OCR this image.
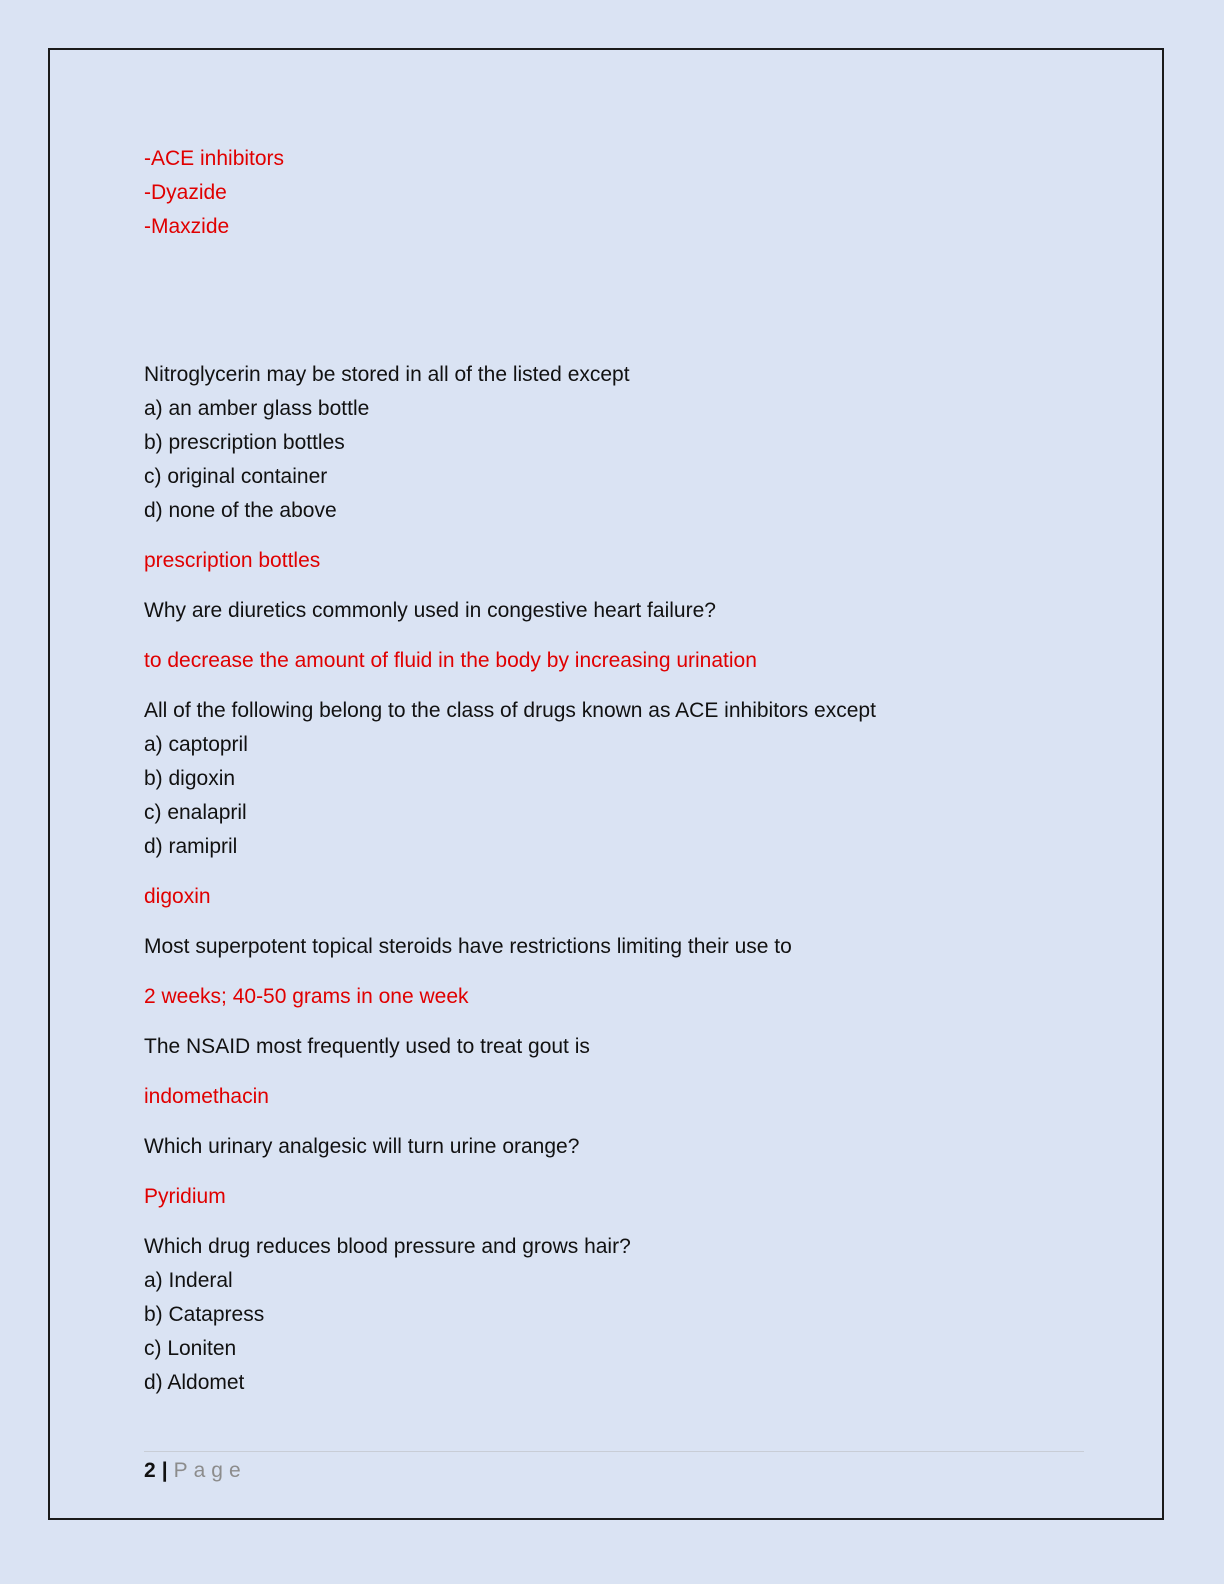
-ACE inhibitors
-Dyazide
-Maxzide
Nitroglycerin may be stored in all of the listed except
a) an amber glass bottle
b) prescription bottles
c) original container
d) none of the above
prescription bottles
Why are diuretics commonly used in congestive heart failure?
to decrease the amount of fluid in the body by increasing urination
All of the following belong to the class of drugs known as ACE inhibitors except
a) captopril
b) digoxin
c) enalapril
d) ramipril
digoxin
Most superpotent topical steroids have restrictions limiting their use to
2 weeks; 40-50 grams in one week
The NSAID most frequently used to treat gout is
indomethacin
Which urinary analgesic will turn urine orange?
Pyridium
Which drug reduces blood pressure and grows hair?
a) Inderal
b) Catapress
c) Loniten
d) Aldomet
2 | Page
